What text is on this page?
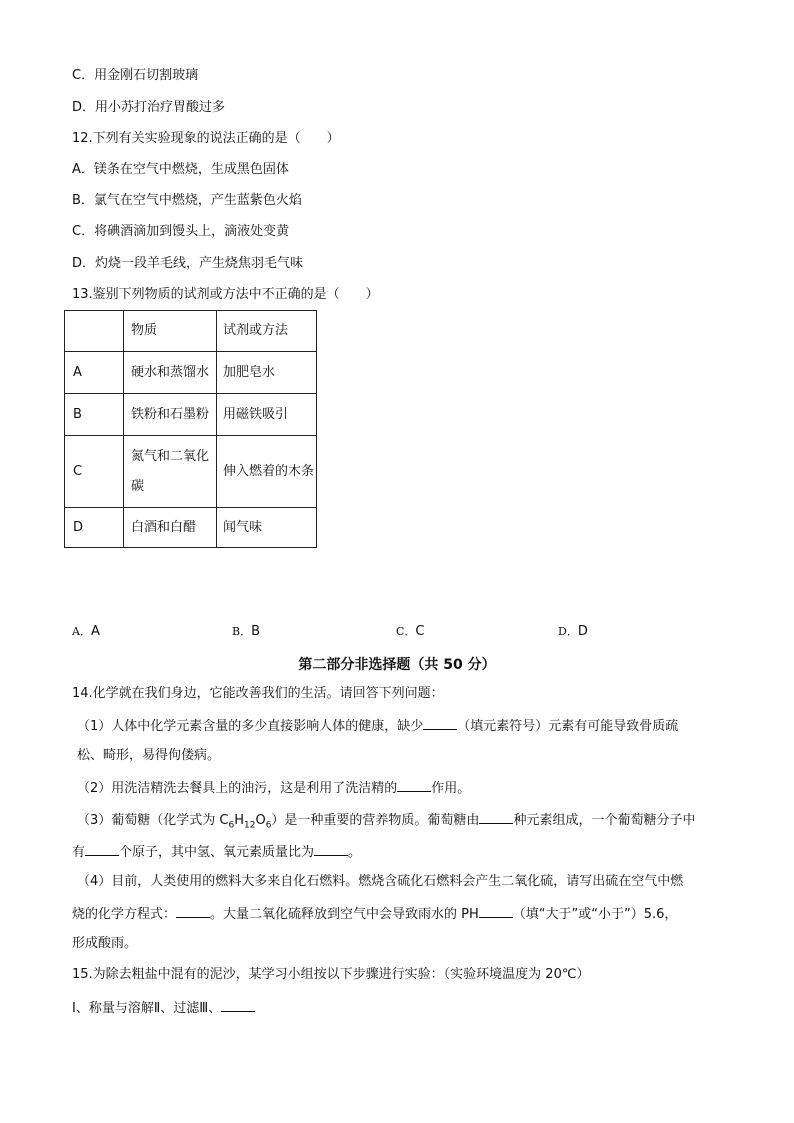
C．用金刚石切割玻璃
D．用小苏打治疗胃酸过多
12.下列有关实验现象的说法正确的是（　　）
A．镁条在空气中燃烧，生成黑色固体
B．氯气在空气中燃烧，产生蓝紫色火焰
C．将碘酒滴加到馒头上，滴液处变黄
D．灼烧一段羊毛线，产生烧焦羽毛气味
13.鉴别下列物质的试剂或方法中不正确的是（　　）
	物质	试剂或方法
A	硬水和蒸馏水	加肥皂水
B	铁粉和石墨粉	用磁铁吸引
C	氮气和二氧化碳	伸入燃着的木条
D	白酒和白醋	闻气味
A．A	B．B	C．C	D．D
第二部分非选择题（共 50 分）
14.化学就在我们身边，它能改善我们的生活。请回答下列问题：
（1）人体中化学元素含量的多少直接影响人体的健康，缺少	（填元素符号）元素有可能导致骨质疏
松、畸形，易得佝偻病。
（2）用洗洁精洗去餐具上的油污，这是利用了洗洁精的	作用。
（3）葡萄糖（化学式为 $C_6H_{12}O_6$）是一种重要的营养物质。葡萄糖由	种元素组成，一个葡萄糖分子中
有	个原子，其中氢、氧元素质量比为	。
（4）目前，人类使用的燃料大多来自化石燃料。燃烧含硫化石燃料会产生二氧化硫，请写出硫在空气中燃
烧的化学方程式：	。大量二氧化硫释放到空气中会导致雨水的 PH	（填“大于”或“小于”）5.6，
形成酸雨。
15.为除去粗盐中混有的泥沙，某学习小组按以下步骤进行实验：（实验环境温度为 20℃）
Ⅰ、称量与溶解Ⅱ、过滤Ⅲ、
